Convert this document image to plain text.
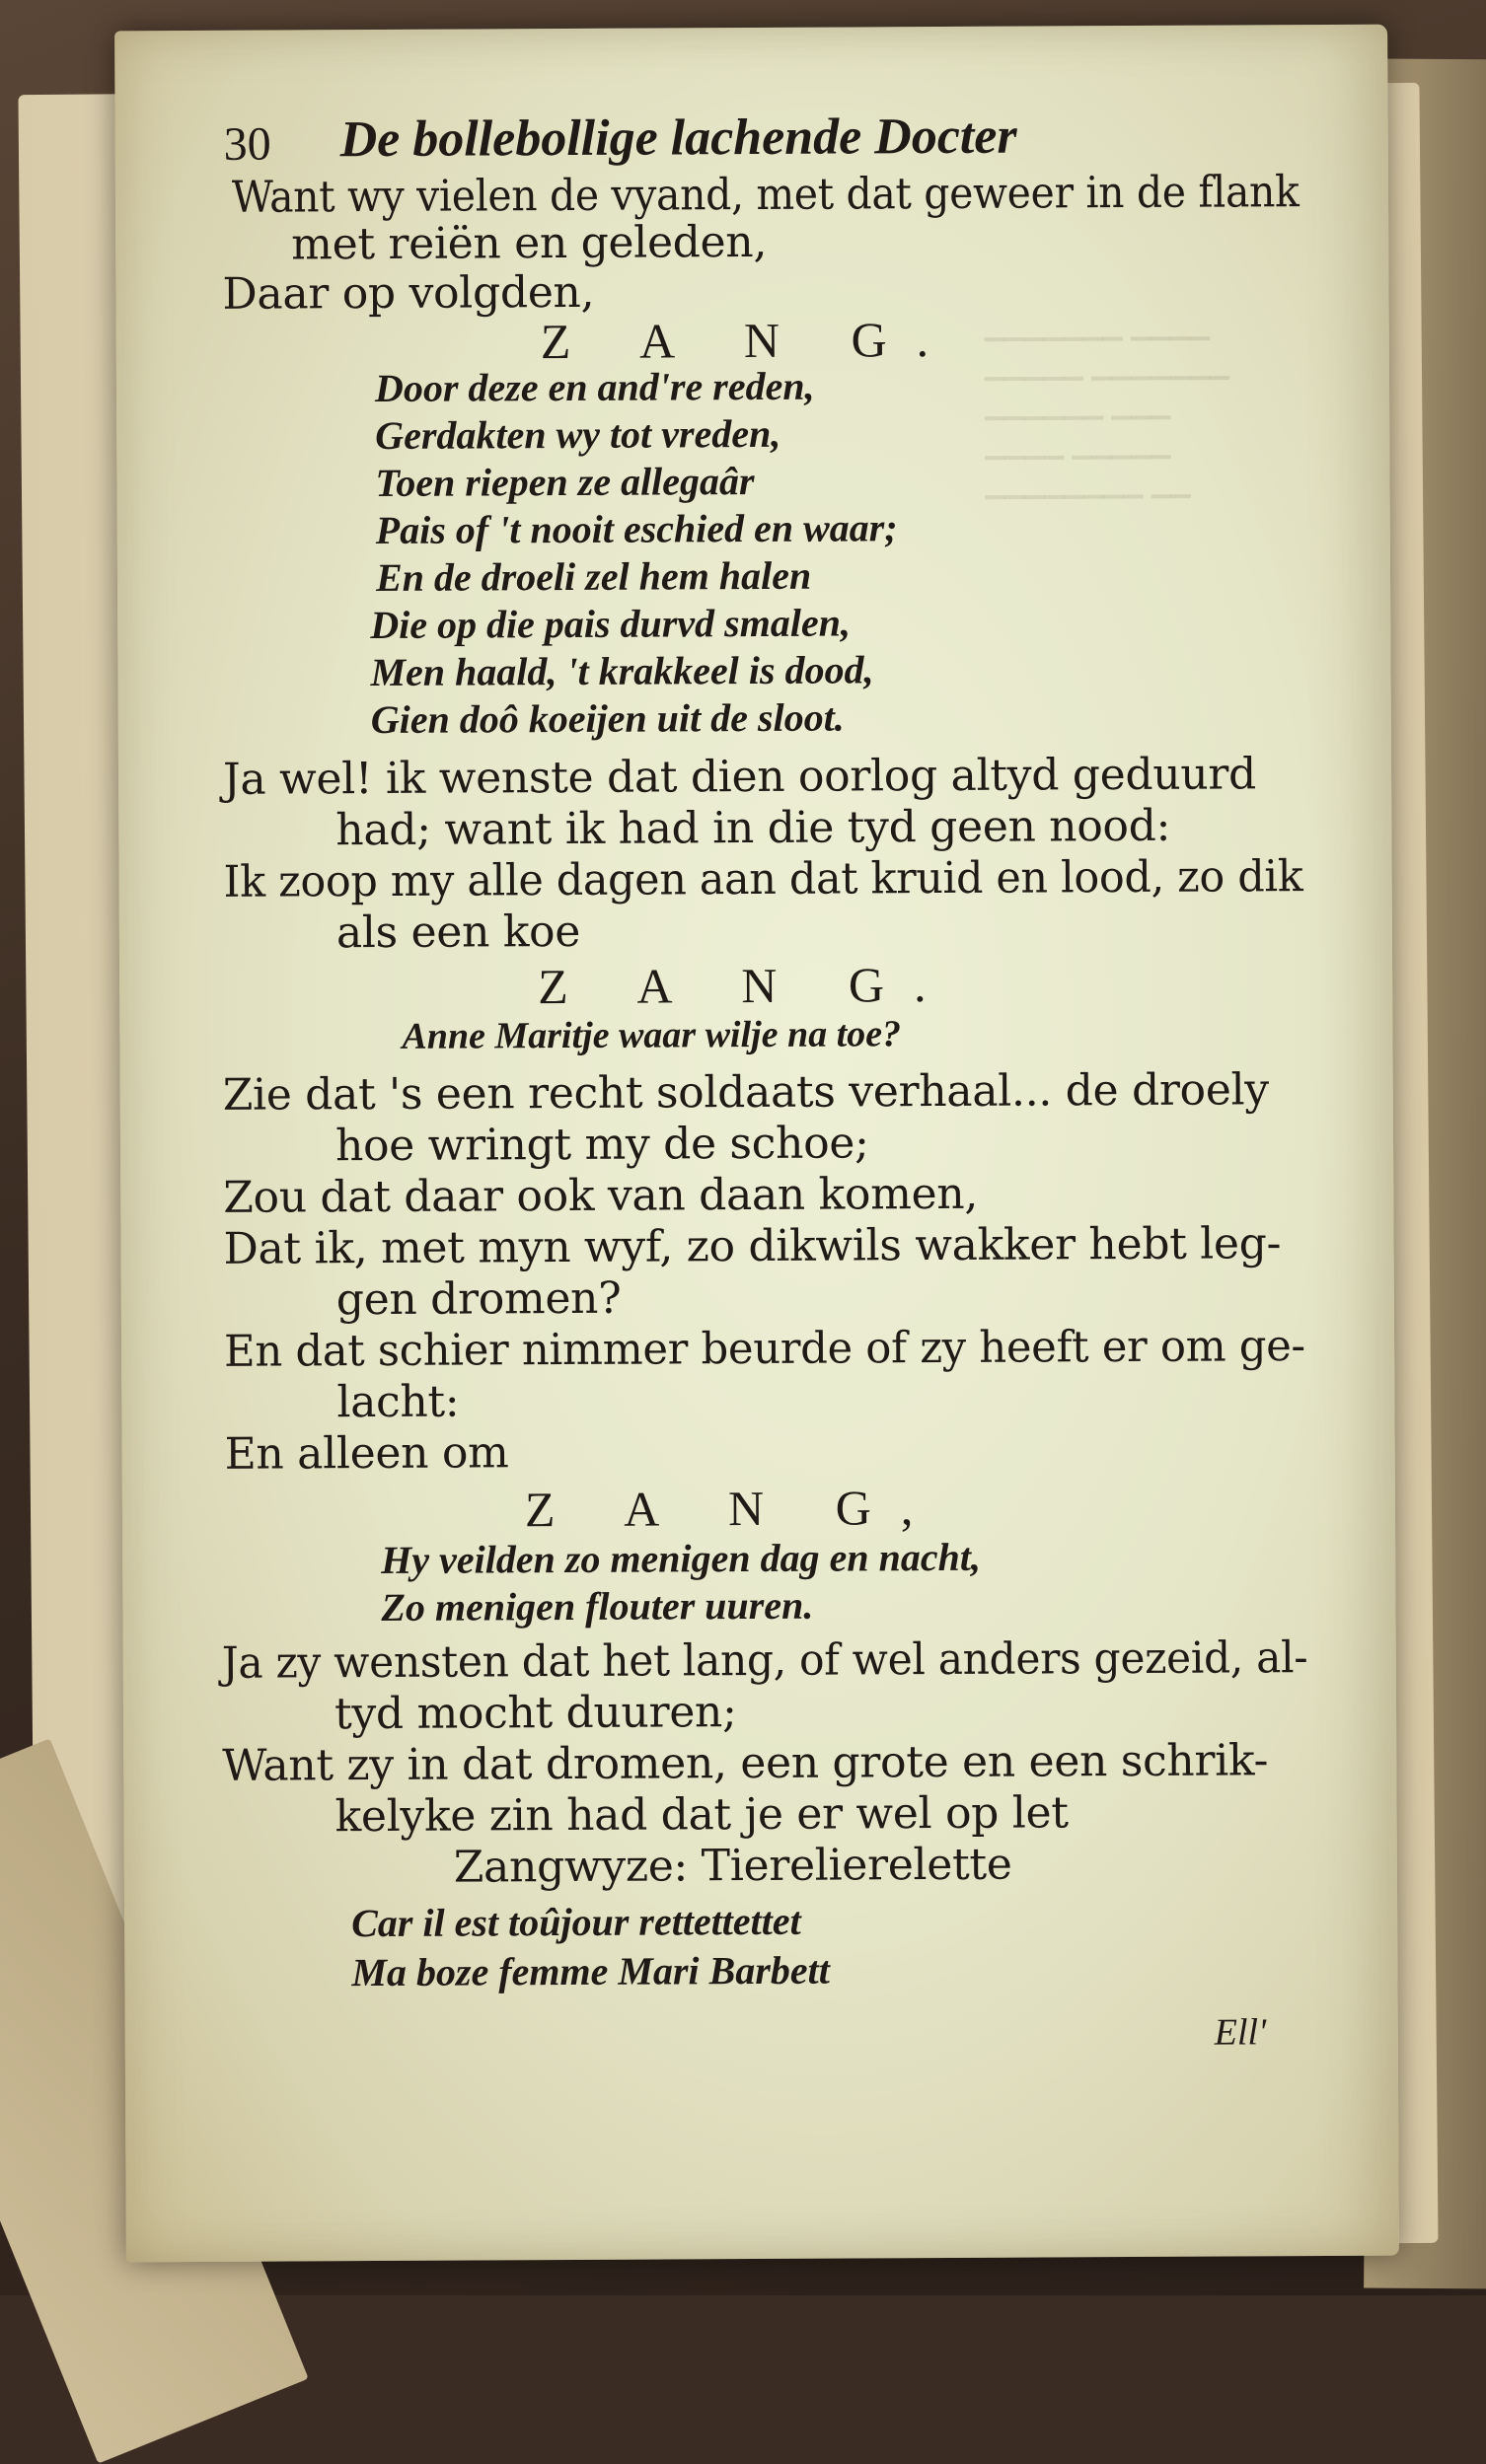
▁▁▁▁▁▁▁ ▁▁▁▁
▁▁▁▁▁ ▁▁▁▁▁▁▁
▁▁▁▁▁▁ ▁▁▁
▁▁▁▁ ▁▁▁▁▁
▁▁▁▁▁▁▁▁ ▁▁
30 De bollebollige lachende Docter
Want wy vielen de vyand, met dat geweer in de flank
met reiën en geleden,
Daar op volgden,
Z A N G.
Door deze en and're reden,
Gerdakten wy tot vreden,
Toen riepen ze allegaâr
Pais of 't nooit eschied en waar;
En de droeli zel hem halen
Die op die pais durvd smalen,
Men haald, 't krakkeel is dood,
Gien doô koeijen uit de sloot.
Ja wel! ik wenste dat dien oorlog altyd geduurd
had; want ik had in die tyd geen nood:
Ik zoop my alle dagen aan dat kruid en lood, zo dik
als een koe
Z A N G.
Anne Maritje waar wilje na toe?
Zie dat 's een recht soldaats verhaal... de droely
hoe wringt my de schoe;
Zou dat daar ook van daan komen,
Dat ik, met myn wyf, zo dikwils wakker hebt leg-
gen dromen?
En dat schier nimmer beurde of zy heeft er om ge-
lacht:
En alleen om
Z A N G,
Hy veilden zo menigen dag en nacht,
Zo menigen flouter uuren.
Ja zy wensten dat het lang, of wel anders gezeid, al-
tyd mocht duuren;
Want zy in dat dromen, een grote en een schrik-
kelyke zin had dat je er wel op let
Zangwyze: Tierelierelette
Car il est toûjour rettettettet
Ma boze femme Mari Barbett
Ell'
